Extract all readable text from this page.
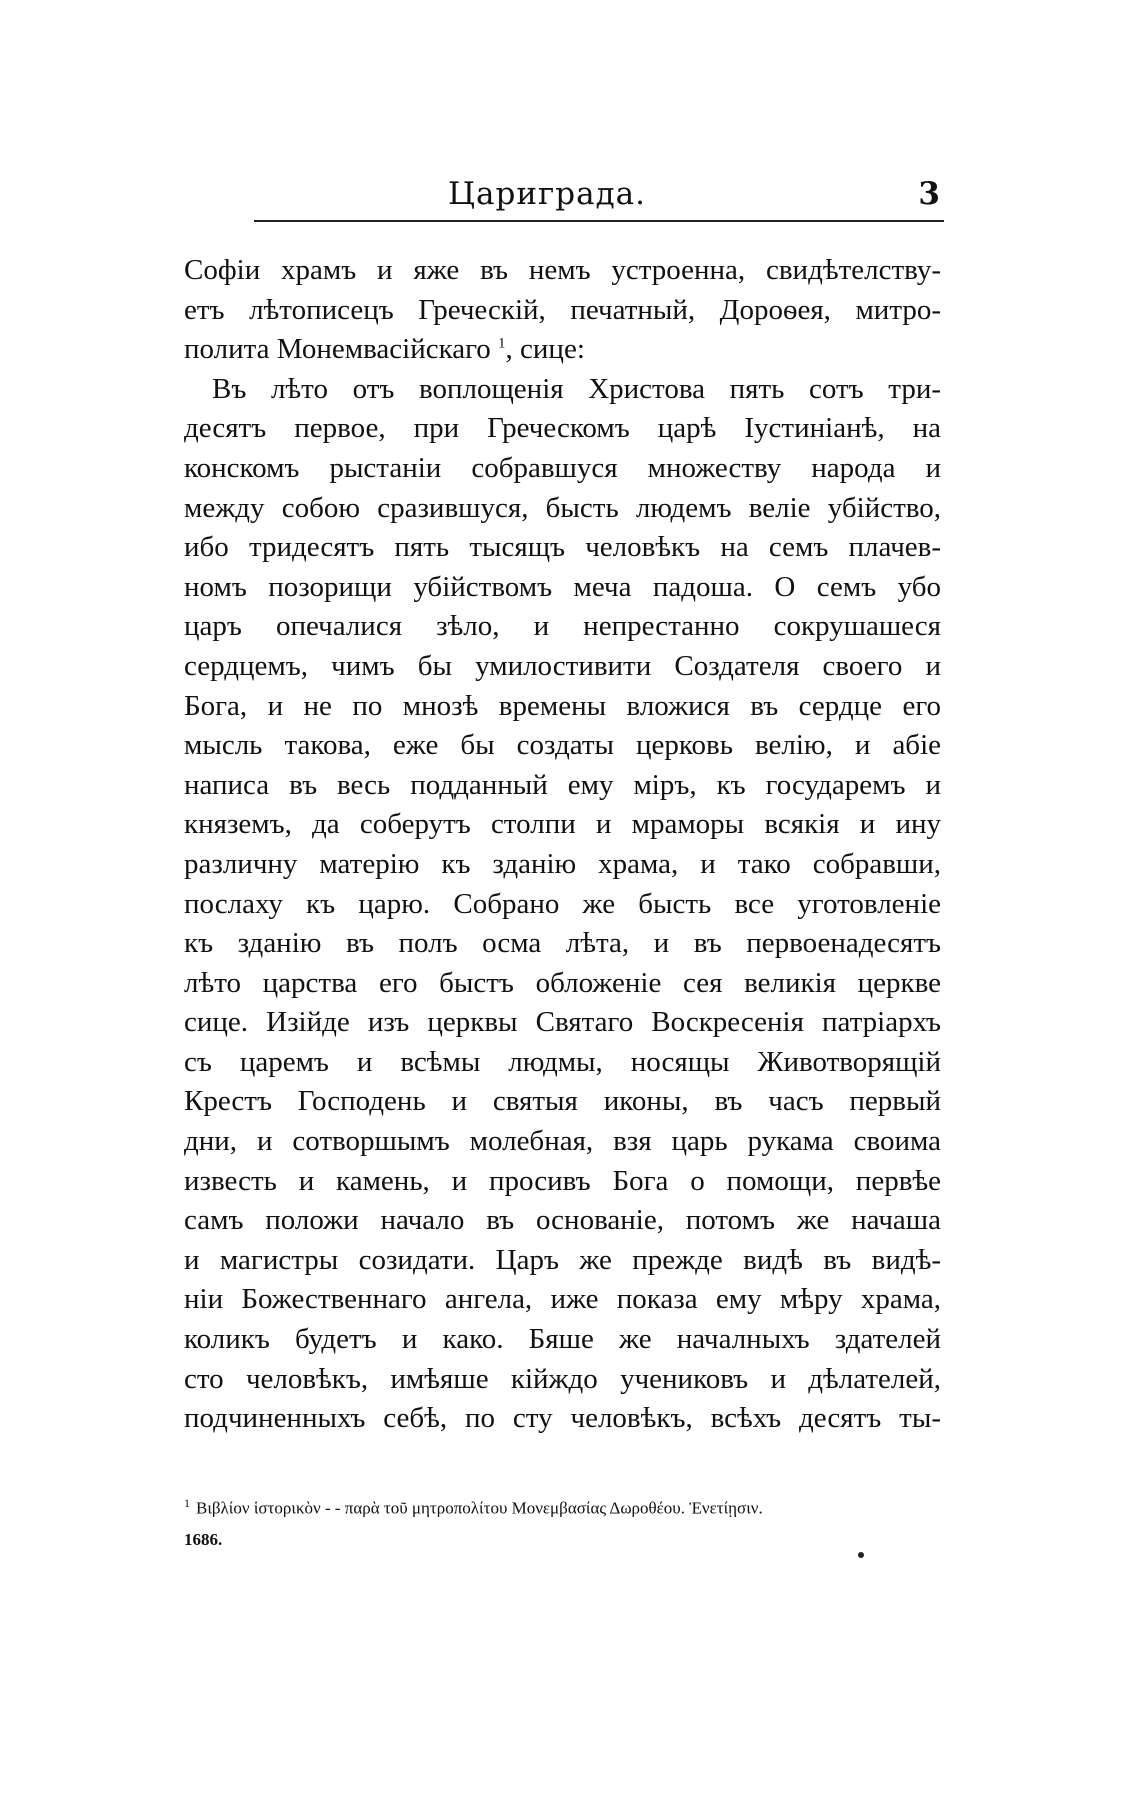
Цариграда.	3
Софіи храмъ и яже въ немъ устроенна, свидѣтелству-
етъ лѣтописецъ Греческій, печатный, Дороѳея, митро-
полита Монемвасійскаго $^1$, сице:
Въ лѣто отъ воплощенія Христова пять сотъ три-
десятъ первое, при Греческомъ царѣ Іустиніанѣ, на
конскомъ рыстаніи собравшуся множеству народа и
между собою сразившуся, бысть людемъ веліе убійство,
ибо тридесятъ пять тысящъ человѣкъ на семъ плачев-
номъ позорищи убійствомъ меча падоша. О семъ убо
царъ опечалися зѣло, и непрестанно сокрушашеся
сердцемъ, чимъ бы умилостивити Создателя своего и
Бога, и не по мнозѣ времены вложися въ сердце его
мысль такова, еже бы создаты церковь велію, и абіе
написа въ весь подданный ему міръ, къ государемъ и
княземъ, да соберутъ столпи и мраморы всякія и ину
различну матерію къ зданію храма, и тако собравши,
послаху къ царю. Собрано же бысть все уготовленіе
къ зданію въ полъ осма лѣта, и въ первоенадесятъ
лѣто царства его быстъ обложеніе сея великія церкве
сице. Изійде изъ церквы Святаго Воскресенія патріархъ
съ царемъ и всѣмы людмы, носящы Животворящій
Крестъ Господень и святыя иконы, въ часъ первый
дни, и сотворшымъ молебная, взя царь рукама своима
известь и камень, и просивъ Бога о помощи, первѣе
самъ положи начало въ основаніе, потомъ же начаша
и магистры созидати. Царъ же прежде видѣ въ видѣ-
ніи Божественнаго ангела, иже показа ему мѣру храма,
коликъ будетъ и како. Бяше же началныхъ здателей
сто человѣкъ, имѣяше кійждо учениковъ и дѣлателей,
подчиненныхъ себѣ, по сту человѣкъ, всѣхъ десятъ ты-
$^1$ Βιβλίον ἱστορικὸν - - παρὰ τοῦ μητροπολίτου Μονεμβασίας Δωροθέου. Ἐνετίῃσιν.
1686.
